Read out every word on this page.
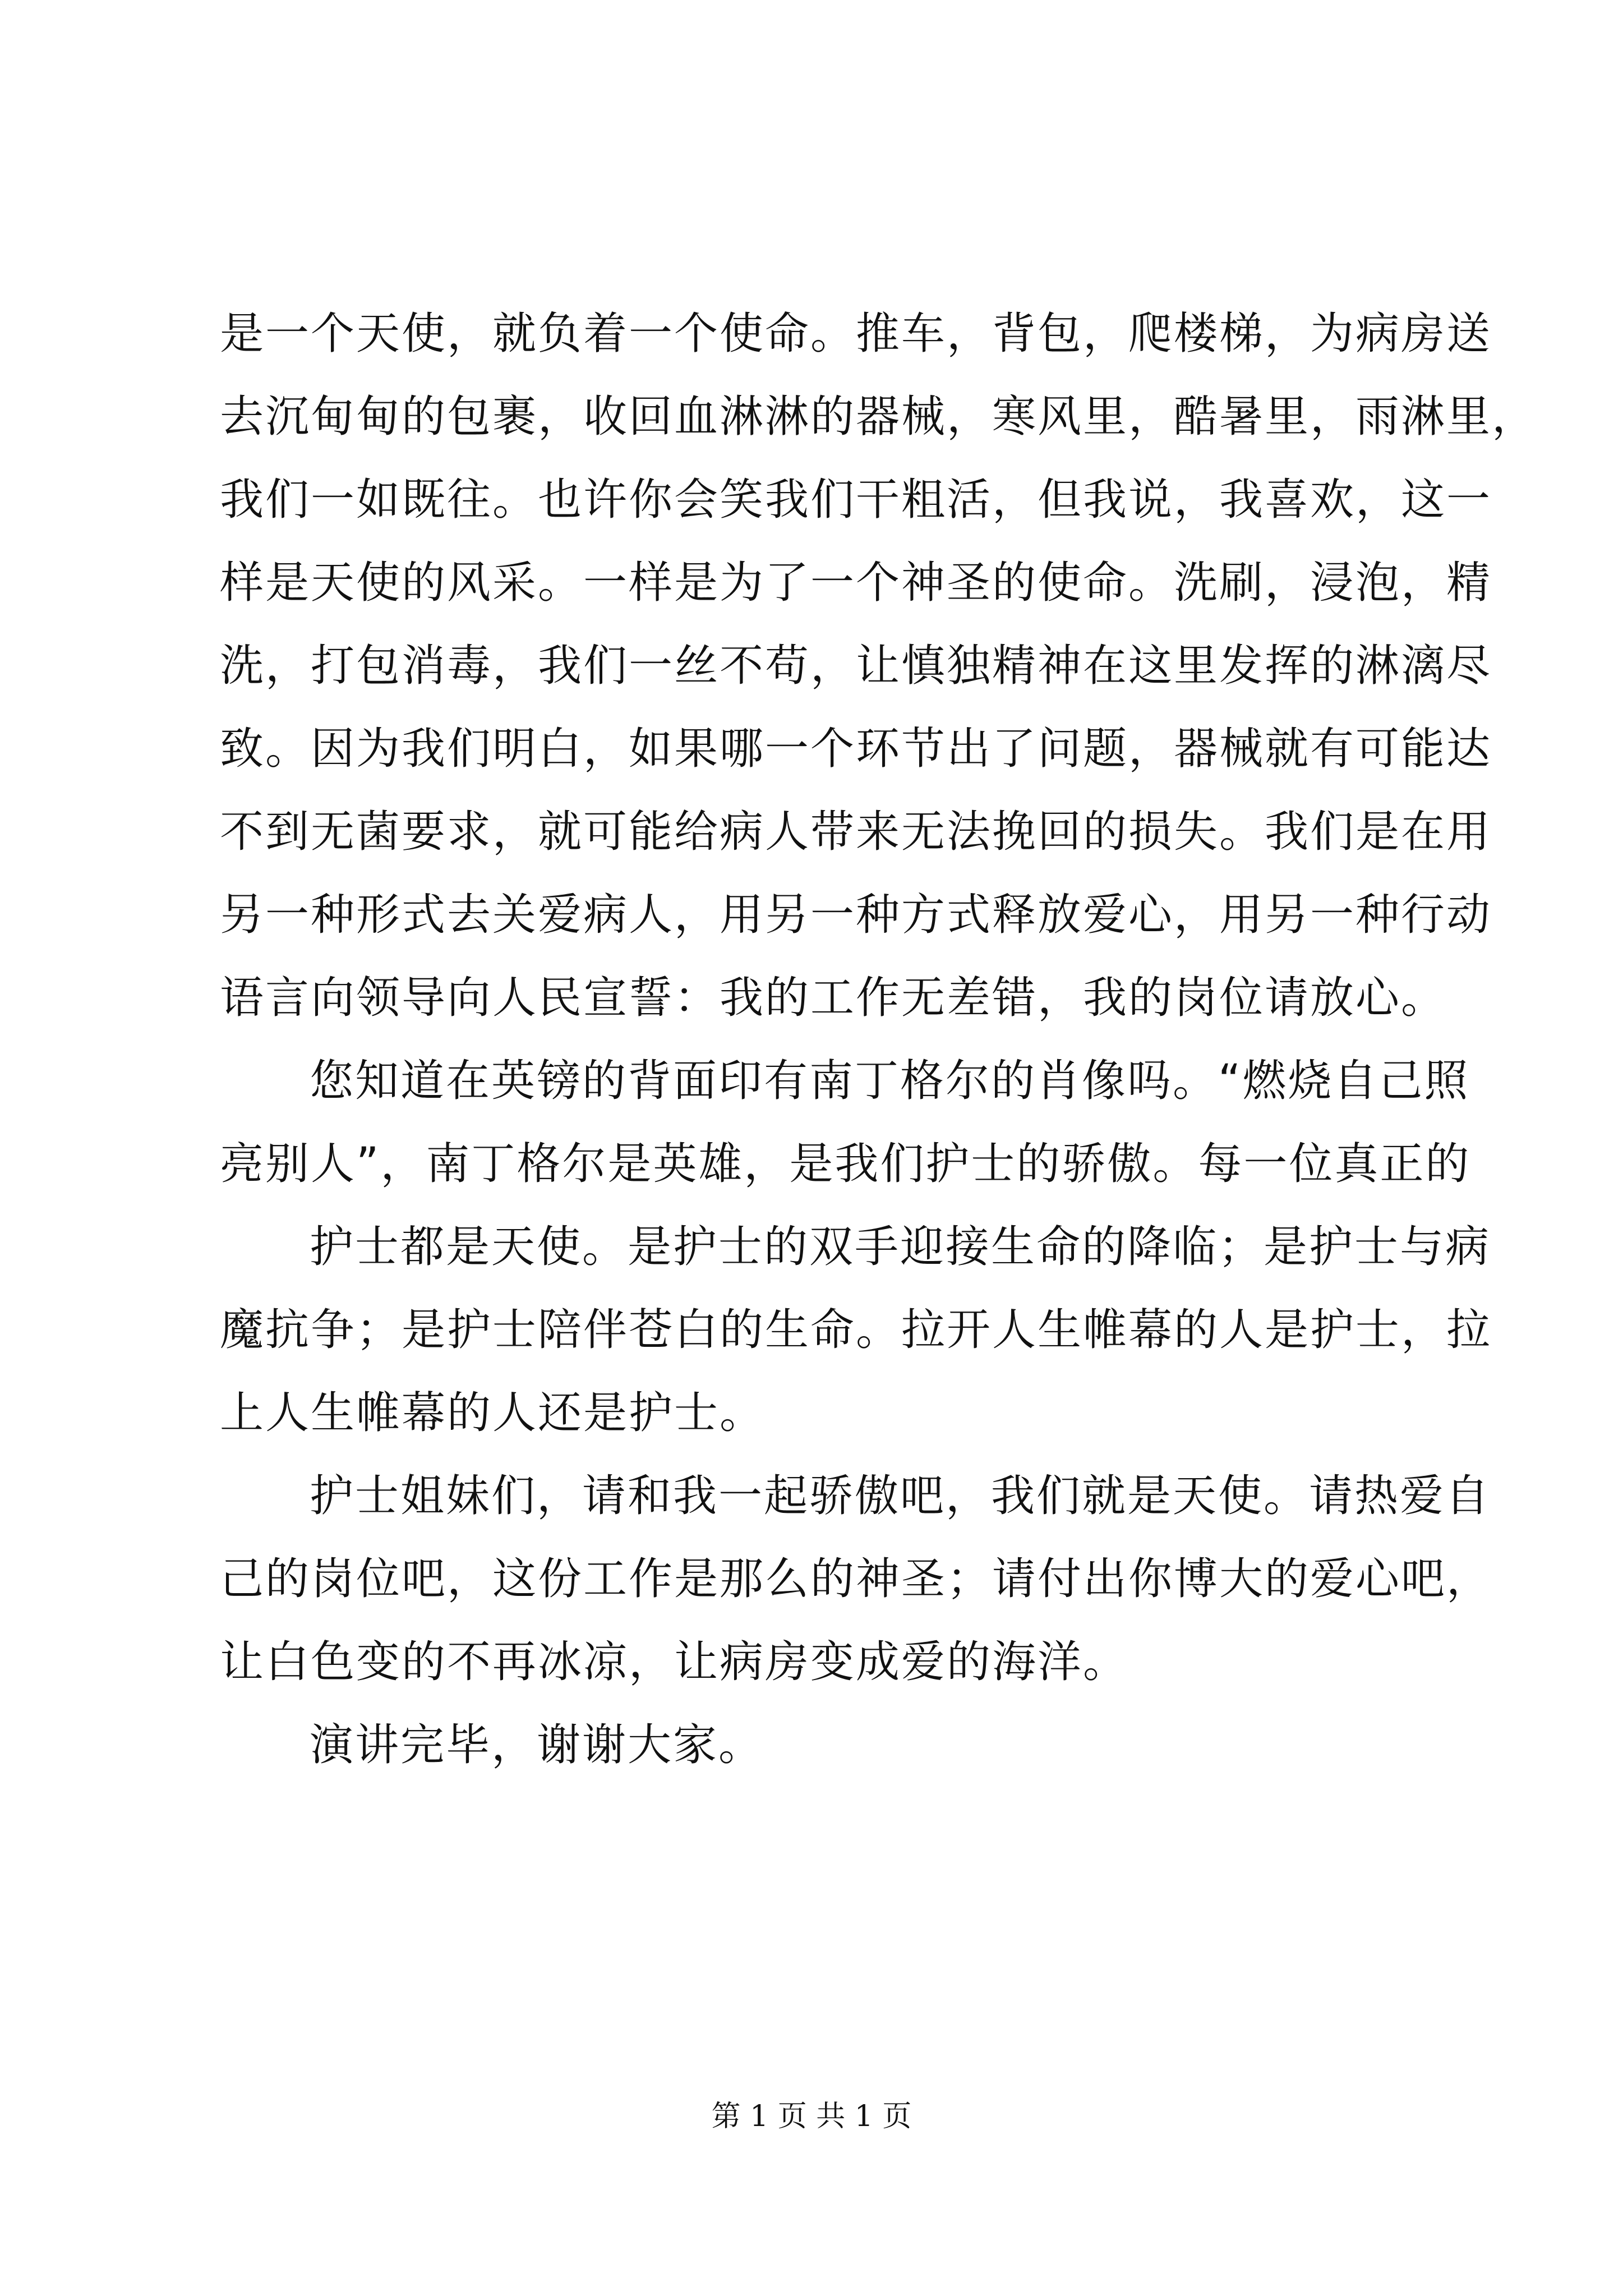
是一个天使，就负着一个使命。推车，背包，爬楼梯，为病房送
去沉甸甸的包裹，收回血淋淋的器械，寒风里，酷暑里，雨淋里，
我们一如既往。也许你会笑我们干粗活，但我说，我喜欢，这一
样是天使的风采。一样是为了一个神圣的使命。洗刷，浸泡，精
洗，打包消毒，我们一丝不苟，让慎独精神在这里发挥的淋漓尽
致。因为我们明白，如果哪一个环节出了问题，器械就有可能达
不到无菌要求，就可能给病人带来无法挽回的损失。我们是在用
另一种形式去关爱病人，用另一种方式释放爱心，用另一种行动
语言向领导向人民宣誓：我的工作无差错，我的岗位请放心。
您知道在英镑的背面印有南丁格尔的肖像吗。“燃烧自己照
亮别人”，南丁格尔是英雄，是我们护士的骄傲。每一位真正的
护士都是天使。是护士的双手迎接生命的降临；是护士与病
魔抗争；是护士陪伴苍白的生命。拉开人生帷幕的人是护士，拉
上人生帷幕的人还是护士。
护士姐妹们，请和我一起骄傲吧，我们就是天使。请热爱自
己的岗位吧，这份工作是那么的神圣；请付出你博大的爱心吧，
让白色变的不再冰凉，让病房变成爱的海洋。
演讲完毕，谢谢大家。
第 1 页 共 1 页
